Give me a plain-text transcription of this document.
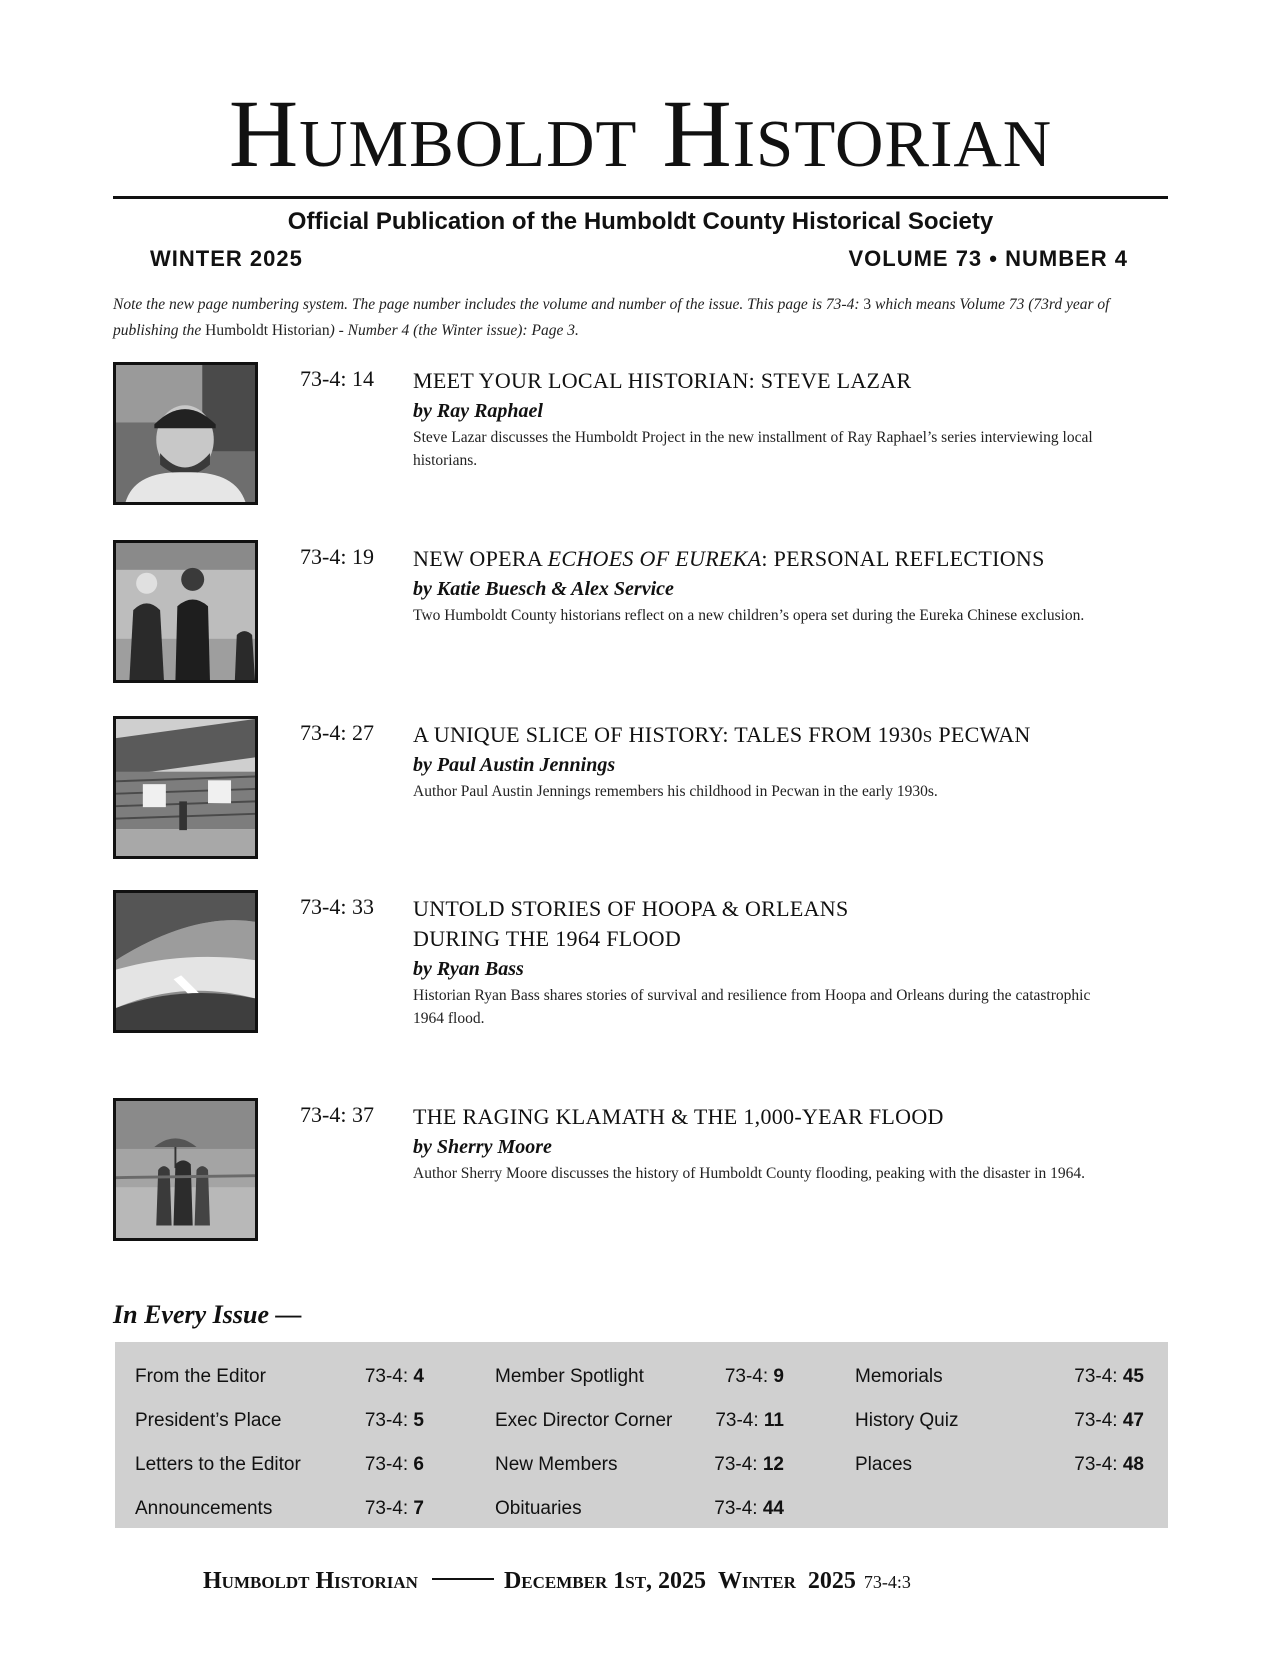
Humboldt Historian
Official Publication of the Humboldt County Historical Society
WINTER 2025	VOLUME 73 • NUMBER 4
Note the new page numbering system. The page number includes the volume and number of the issue. This page is 73-4: 3 which means Volume 73 (73rd year of publishing the Humboldt Historian) - Number 4 (the Winter issue): Page 3.
73-4: 14 MEET YOUR LOCAL HISTORIAN: STEVE LAZAR
by Ray Raphael
Steve Lazar discusses the Humboldt Project in the new installment of Ray Raphael’s series interviewing local historians.
73-4: 19 NEW OPERA ECHOES OF EUREKA: PERSONAL REFLECTIONS
by Katie Buesch & Alex Service
Two Humboldt County historians reflect on a new children’s opera set during the Eureka Chinese exclusion.
73-4: 27 A UNIQUE SLICE OF HISTORY: TALES FROM 1930S PECWAN
by Paul Austin Jennings
Author Paul Austin Jennings remembers his childhood in Pecwan in the early 1930s.
73-4: 33 UNTOLD STORIES OF HOOPA & ORLEANS
DURING THE 1964 FLOOD
by Ryan Bass
Historian Ryan Bass shares stories of survival and resilience from Hoopa and Orleans during the catastrophic 1964 flood.
73-4: 37 THE RAGING KLAMATH & THE 1,000-YEAR FLOOD
by Sherry Moore
Author Sherry Moore discusses the history of Humboldt County flooding, peaking with the disaster in 1964.
In Every Issue —
From the Editor	73-4: 4
President’s Place	73-4: 5
Letters to the Editor	73-4: 6
Announcements	73-4: 7
Member Spotlight	73-4: 9
Exec Director Corner	73-4: 11
New Members	73-4: 12
Obituaries	73-4: 44
Memorials	73-4: 45
History Quiz	73-4: 47
Places	73-4: 48
Humboldt Historian	December 1st, 2025 Winter 2025 73-4:3
